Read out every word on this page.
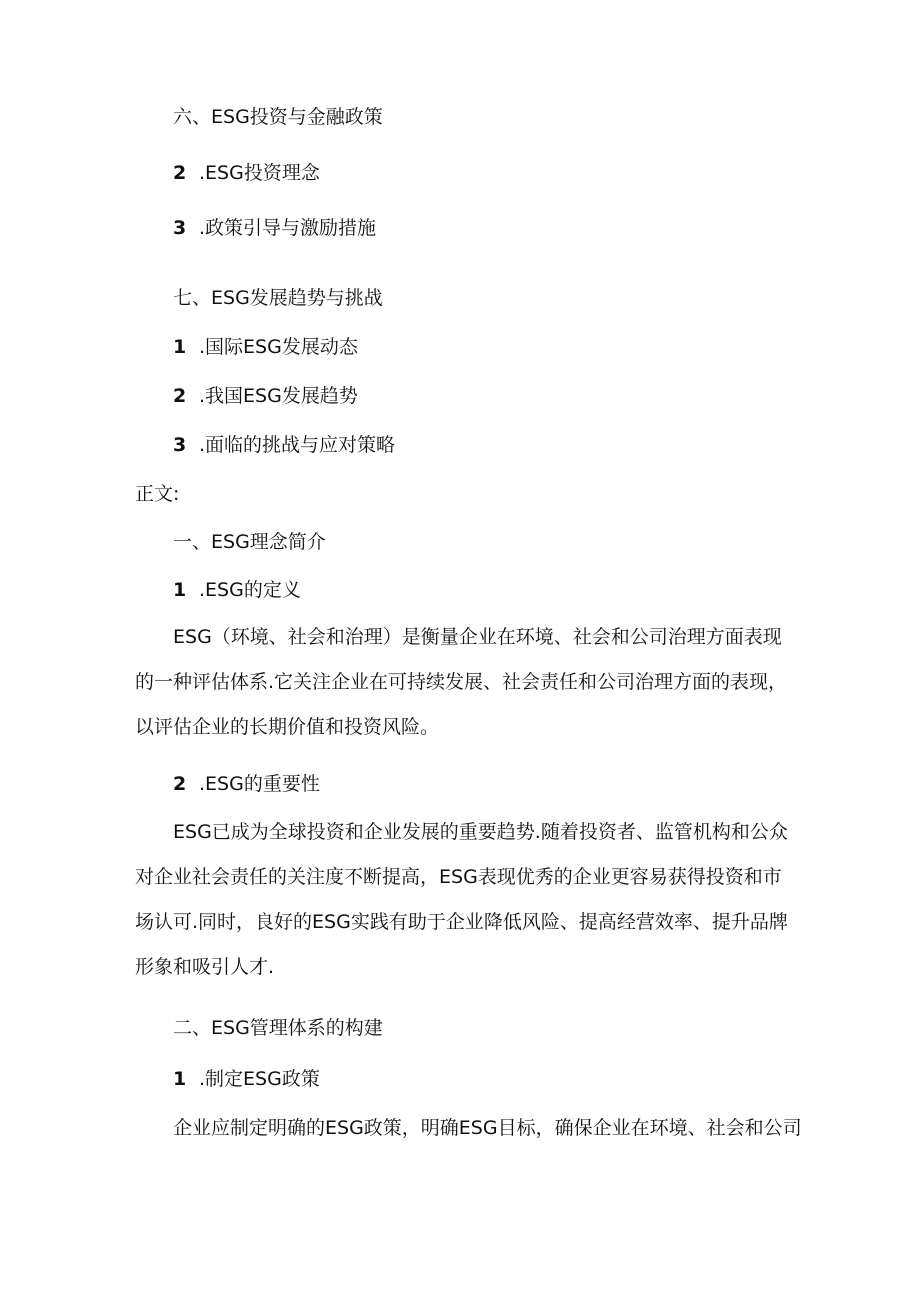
六、ESG投资与金融政策
2 .ESG投资理念
3 .政策引导与激励措施
七、ESG发展趋势与挑战
1 .国际ESG发展动态
2 .我国ESG发展趋势
3 .面临的挑战与应对策略
正文:
一、ESG理念简介
1 .ESG的定义
ESG（环境、社会和治理）是衡量企业在环境、社会和公司治理方面表现
的一种评估体系.它关注企业在可持续发展、社会责任和公司治理方面的表现，
以评估企业的长期价值和投资风险。
2 .ESG的重要性
ESG已成为全球投资和企业发展的重要趋势.随着投资者、监管机构和公众
对企业社会责任的关注度不断提高，ESG表现优秀的企业更容易获得投资和市
场认可.同时，良好的ESG实践有助于企业降低风险、提高经营效率、提升品牌
形象和吸引人才.
二、ESG管理体系的构建
1 .制定ESG政策
企业应制定明确的ESG政策，明确ESG目标，确保企业在环境、社会和公司
